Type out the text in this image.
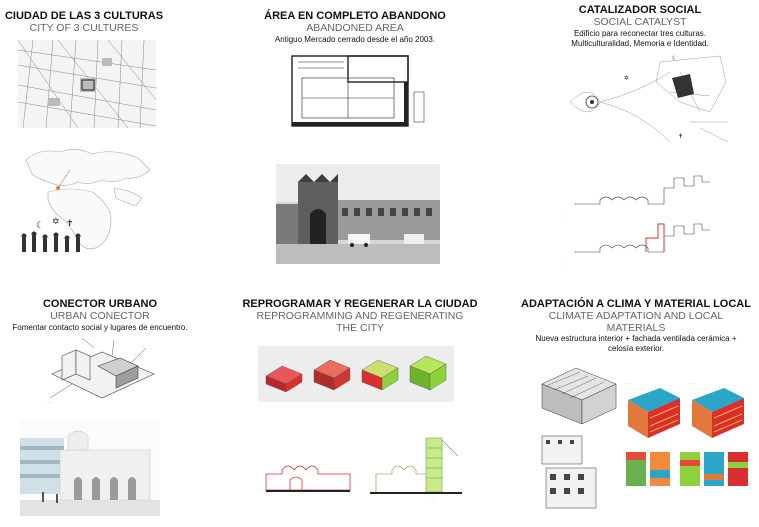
CIUDAD DE LAS 3 CULTURAS
CITY OF 3 CULTURES
☾ ✡ ✝
ÁREA EN COMPLETO ABANDONO
ABANDONED AREA
Antiguo Mercado cerrado desde el año 2003.
CATALIZADOR SOCIAL
SOCIAL CATALYST
Edificio para reconectar tres culturas.
Multiculturalidad, Memoria e Identidad.
☾
✡
✝
· ·
· ·
CONECTOR URBANO
URBAN CONECTOR
Fomentar contacto social y lugares de encuentro.
· · ·
REPROGRAMAR Y REGENERAR LA CIUDAD
REPROGRAMMING AND REGENERATING
THE CITY
· · ·
· · ·
ADAPTACIÓN A CLIMA Y MATERIAL LOCAL
CLIMATE ADAPTATION AND LOCAL
MATERIALS
Nueva estructura interior + fachada ventilada cerámica +
celosía exterior.
· · · · ·	· · · · ·
· · ·
